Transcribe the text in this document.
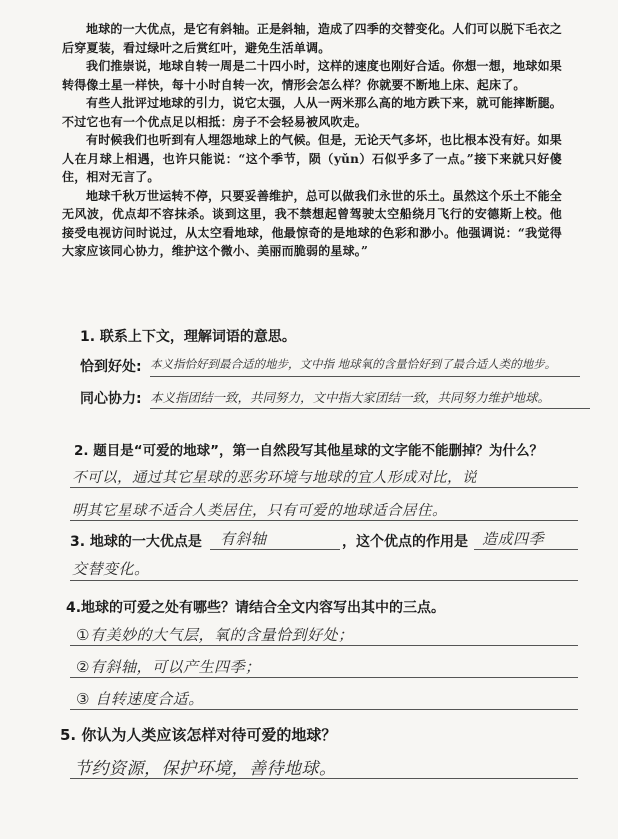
地球的一大优点，是它有斜轴。正是斜轴，造成了四季的交替变化。人们可以脱下毛衣之后穿夏装，看过绿叶之后赏红叶，避免生活单调。

我们推崇说，地球自转一周是二十四小时，这样的速度也刚好合适。你想一想，地球如果转得像土星一样快，每十小时自转一次，情形会怎么样？你就要不断地上床、起床了。

有些人批评过地球的引力，说它太强，人从一两米那么高的地方跌下来，就可能摔断腿。不过它也有一个优点足以相抵：房子不会轻易被风吹走。

有时候我们也听到有人埋怨地球上的气候。但是，无论天气多坏，也比根本没有好。如果人在月球上相遇，也许只能说：“这个季节，陨（yǔn）石似乎多了一点。”接下来就只好傻住，相对无言了。

地球千秋万世运转不停，只要妥善维护，总可以做我们永世的乐土。虽然这个乐土不能全无风波，优点却不容抹杀。谈到这里，我不禁想起曾驾驶太空船绕月飞行的安德斯上校。他接受电视访问时说过，从太空看地球，他最惊奇的是地球的色彩和渺小。他强调说：“我觉得大家应该同心协力，维护这个微小、美丽而脆弱的星球。”

1. 联系上下文，理解词语的意思。
恰到好处: 本义指恰好到最合适的地步，文中指 地球氧的含量恰好到了最合适人类的地步。
同心协力: 本义指团结一致，共同努力，文中指大家团结一致，共同努力维护地球。
2. 题目是“可爱的地球”，第一自然段写其他星球的文字能不能删掉？为什么？
不可以，通过其它星球的恶劣环境与地球的宜人形成对比，说
明其它星球不适合人类居住，只有可爱的地球适合居住。
3. 地球的一大优点是 有斜轴	，这个优点的作用是 造成四季
交替变化。
4.地球的可爱之处有哪些？请结合全文内容写出其中的三点。
①有美妙的大气层，氧的含量恰到好处；
②有斜轴，可以产生四季；
③ 自转速度合适。
5. 你认为人类应该怎样对待可爱的地球？
节约资源，保护环境，善待地球。
